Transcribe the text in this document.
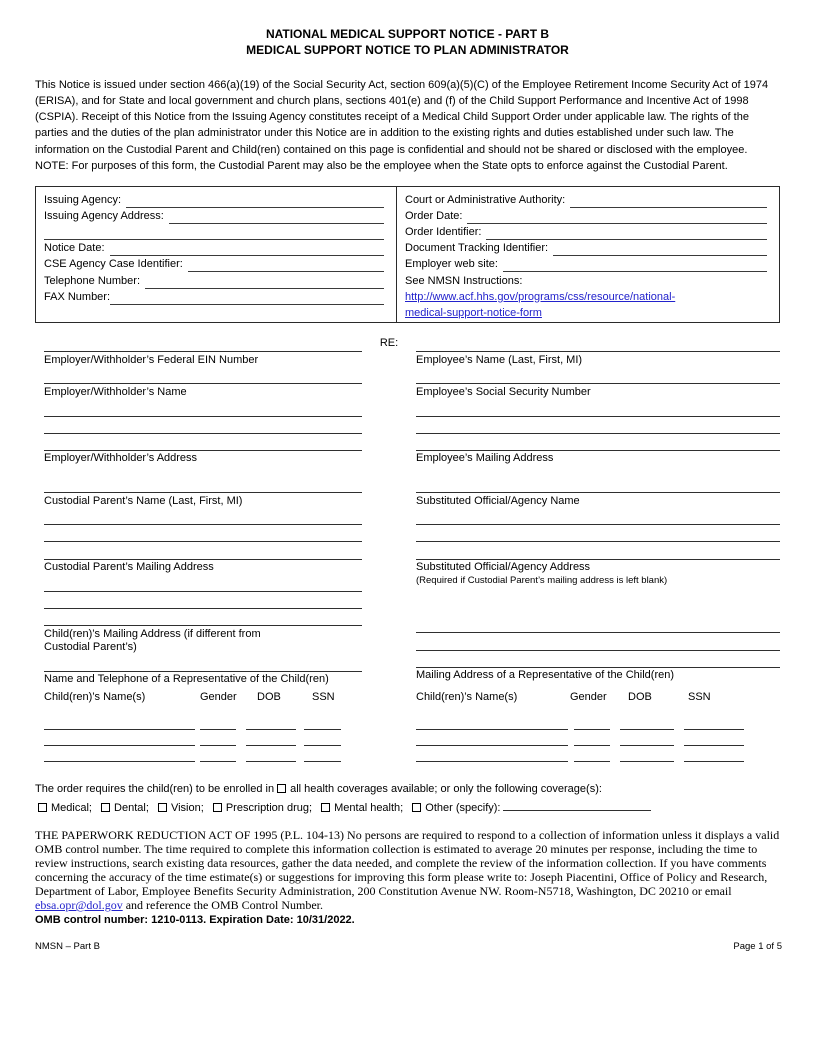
NATIONAL MEDICAL SUPPORT NOTICE - PART B
MEDICAL SUPPORT NOTICE TO PLAN ADMINISTRATOR

This Notice is issued under section 466(a)(19) of the Social Security Act, section 609(a)(5)(C) of the Employee Retirement Income Security Act of 1974 (ERISA), and for State and local government and church plans, sections 401(e) and (f) of the Child Support Performance and Incentive Act of 1998 (CSPIA). Receipt of this Notice from the Issuing Agency constitutes receipt of a Medical Child Support Order under applicable law. The rights of the parties and the duties of the plan administrator under this Notice are in addition to the existing rights and duties established under such law. The information on the Custodial Parent and Child(ren) contained on this page is confidential and should not be shared or disclosed with the employee. NOTE: For purposes of this form, the Custodial Parent may also be the employee when the State opts to enforce against the Custodial Parent.

Issuing Agency:
Issuing Agency Address:
Notice Date:
CSE Agency Case Identifier:
Telephone Number:
FAX Number:
Court or Administrative Authority:
Order Date:
Order Identifier:
Document Tracking Identifier:
Employer web site:
See NMSN Instructions:
http://www.acf.hhs.gov/programs/css/resource/national-medical-support-notice-form
Employer/Withholder’s Federal EIN Number
Employer/Withholder’s Name
Employer/Withholder’s Address
Custodial Parent’s Name (Last, First, MI)
Custodial Parent’s Mailing Address
Child(ren)’s Mailing Address (if different from Custodial Parent’s)
Name and Telephone of a Representative of the Child(ren)
Child(ren)’s Name(s)	Gender	DOB	SSN
RE:
Employee’s Name (Last, First, MI)
Employee’s Social Security Number
Employee’s Mailing Address
Substituted Official/Agency Name
Substituted Official/Agency Address
(Required if Custodial Parent’s mailing address is left blank)
Mailing Address of a Representative of the Child(ren)
Child(ren)’s Name(s)	Gender	DOB	SSN
The order requires the child(ren) to be enrolled in all health coverages available; or only the following coverage(s):
Medical; Dental; Vision; Prescription drug; Mental health; Other (specify):
THE PAPERWORK REDUCTION ACT OF 1995 (P.L. 104-13) No persons are required to respond to a collection of information unless it displays a valid OMB control number. The time required to complete this information collection is estimated to average 20 minutes per response, including the time to review instructions, search existing data resources, gather the data needed, and complete the review of the information collection. If you have comments concerning the accuracy of the time estimate(s) or suggestions for improving this form please write to: Joseph Piacentini, Office of Policy and Research, Department of Labor, Employee Benefits Security Administration, 200 Constitution Avenue NW. Room-N5718, Washington, DC 20210 or email ebsa.opr@dol.gov and reference the OMB Control Number.
OMB control number: 1210-0113. Expiration Date: 10/31/2022.
NMSN – Part B	Page 1 of 5
